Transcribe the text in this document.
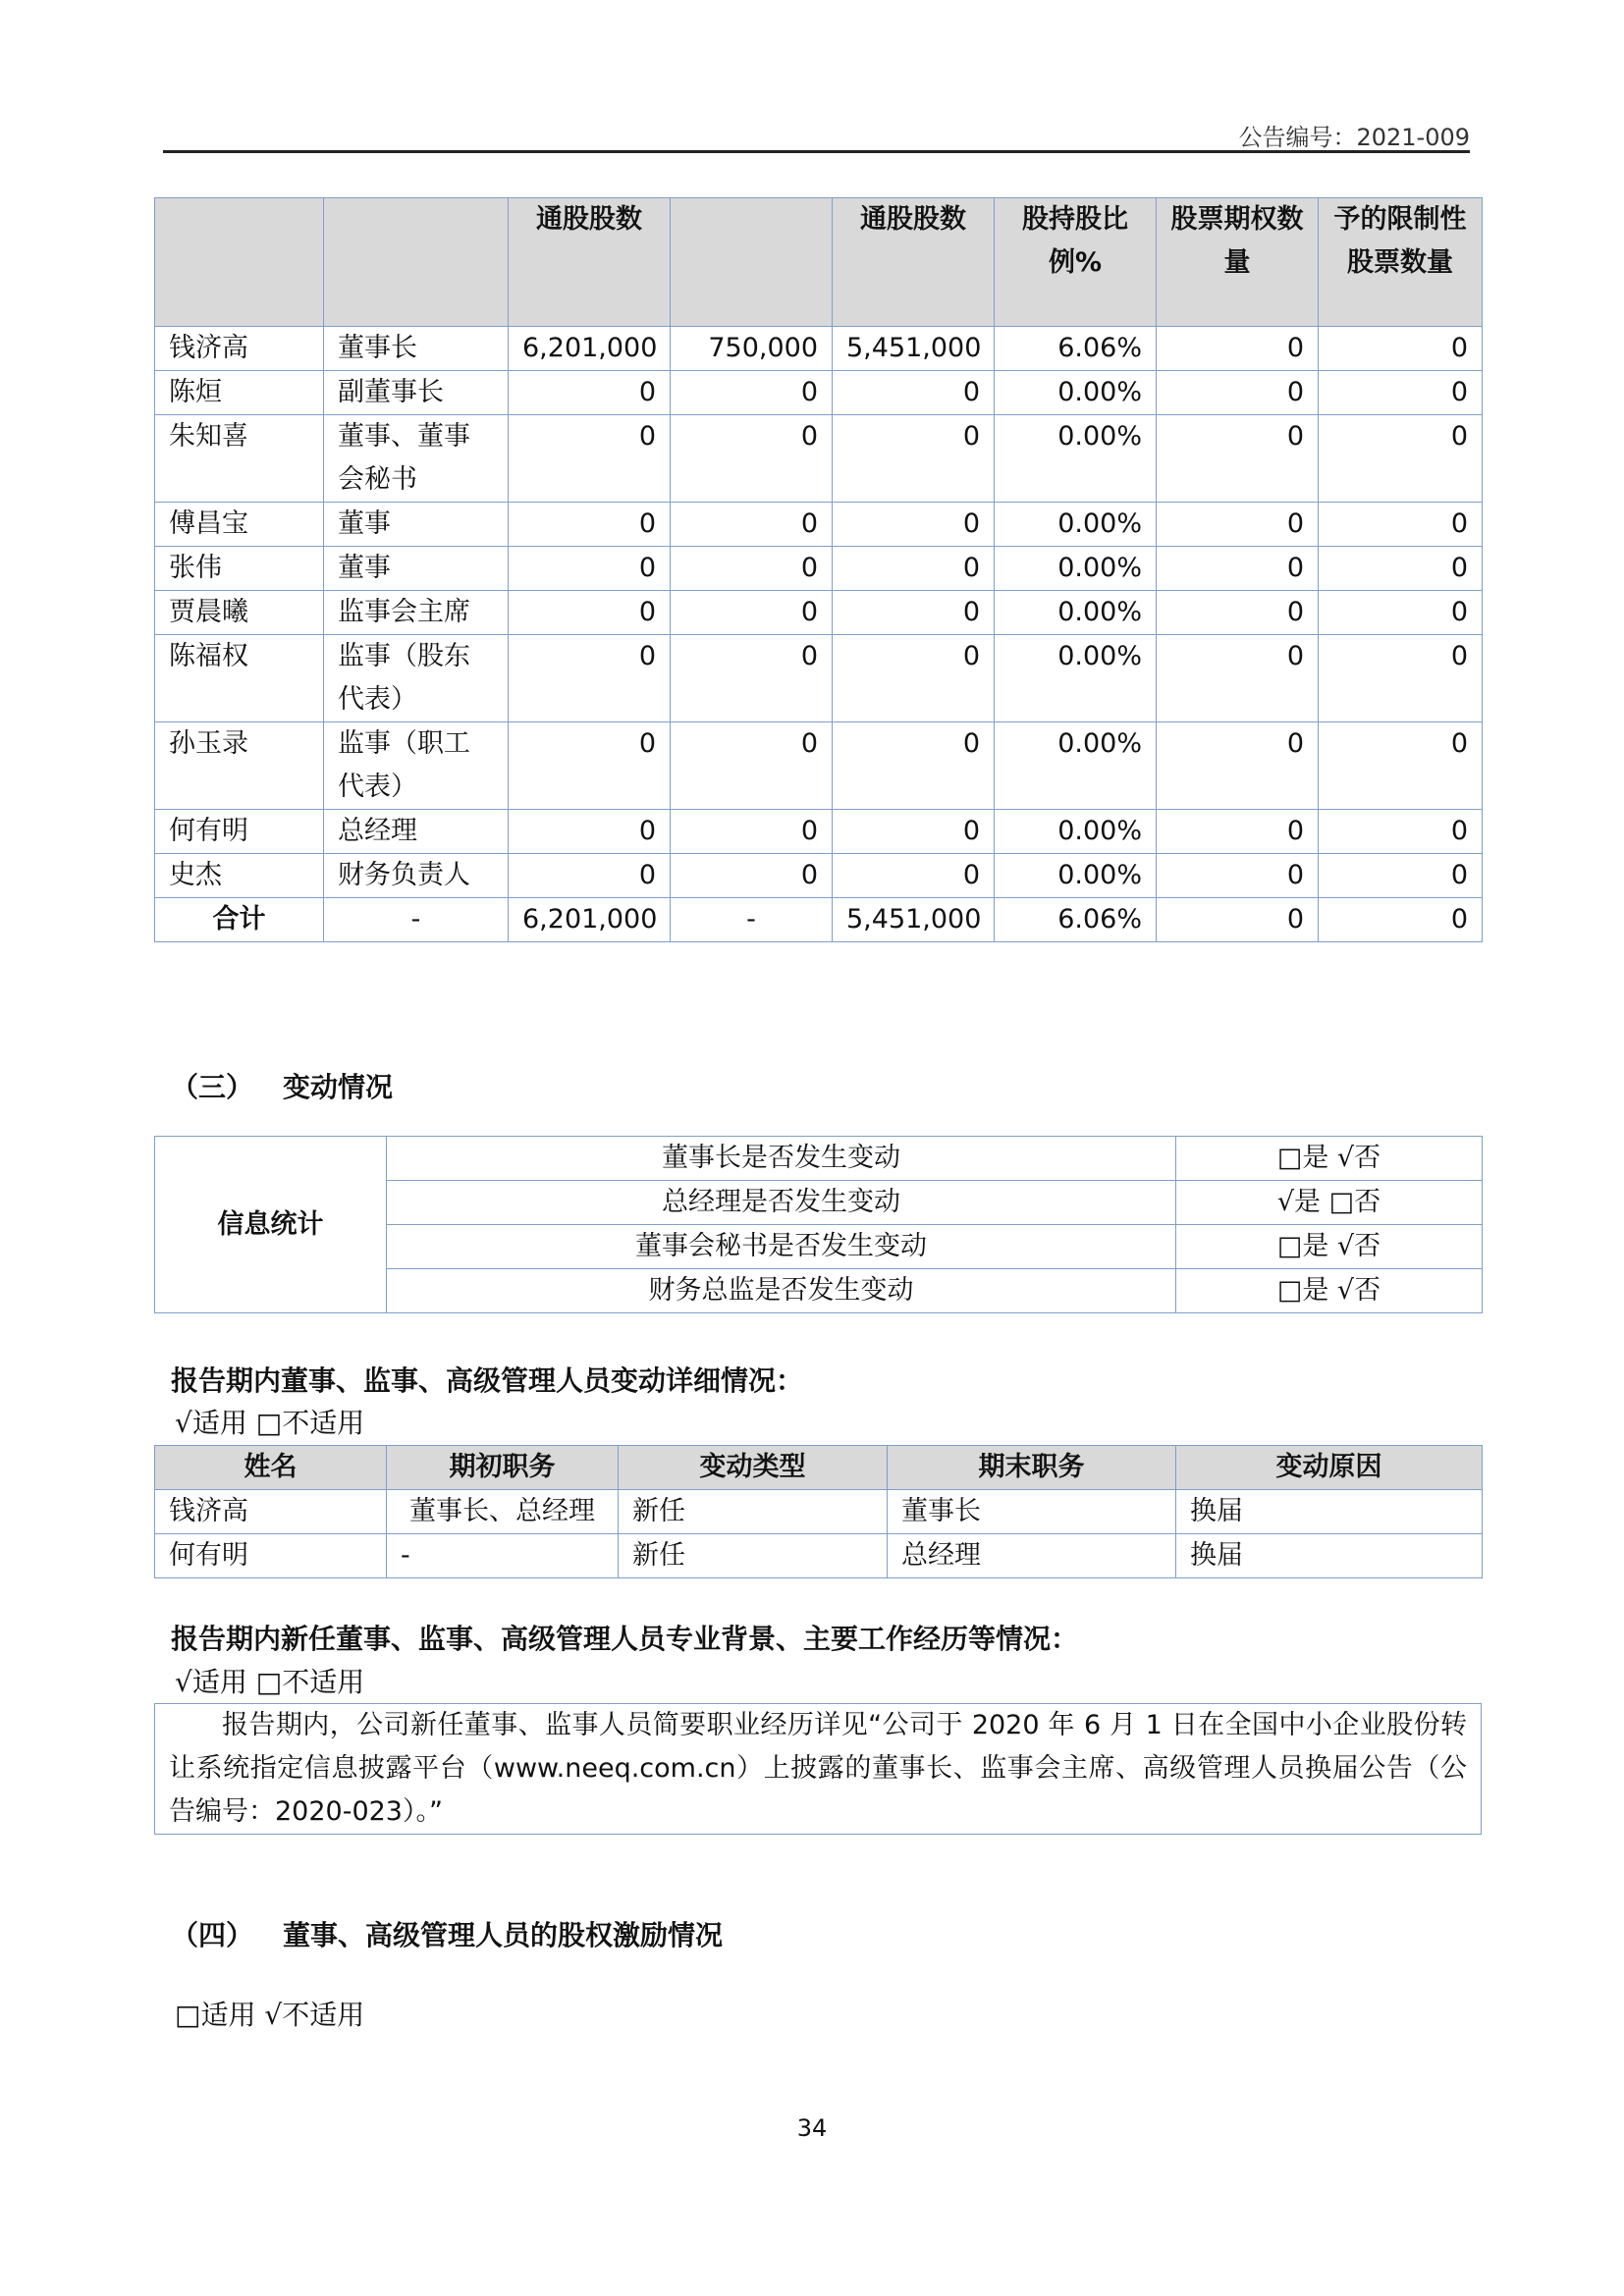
公告编号：2021-009
		通股股数		通股股数	股持股比例%	股票期权数量	予的限制性股票数量
钱济高	董事长	6,201,000	750,000	5,451,000	6.06%	0	0
陈烜	副董事长	0	0	0	0.00%	0	0
朱知喜	董事、董事会秘书	0	0	0	0.00%	0	0
傅昌宝	董事	0	0	0	0.00%	0	0
张伟	董事	0	0	0	0.00%	0	0
贾晨曦	监事会主席	0	0	0	0.00%	0	0
陈福权	监事（股东代表）	0	0	0	0.00%	0	0
孙玉录	监事（职工代表）	0	0	0	0.00%	0	0
何有明	总经理	0	0	0	0.00%	0	0
史杰	财务负责人	0	0	0	0.00%	0	0
合计	-	6,201,000	-	5,451,000	6.06%	0	0
（三） 变动情况
信息统计	董事长是否发生变动	□是 √否
	总经理是否发生变动	√是 □否
	董事会秘书是否发生变动	□是 √否
	财务总监是否发生变动	□是 √否
报告期内董事、监事、高级管理人员变动详细情况：
√适用 □不适用
姓名	期初职务	变动类型	期末职务	变动原因
钱济高	董事长、总经理	新任	董事长	换届
何有明	-	新任	总经理	换届
报告期内新任董事、监事、高级管理人员专业背景、主要工作经历等情况：
√适用 □不适用
报告期内，公司新任董事、监事人员简要职业经历详见“公司于 2020 年 6 月 1 日在全国中小企业股份转让系统指定信息披露平台（www.neeq.com.cn）上披露的董事长、监事会主席、高级管理人员换届公告（公告编号：2020-023）。”
（四） 董事、高级管理人员的股权激励情况
□适用 √不适用
34
